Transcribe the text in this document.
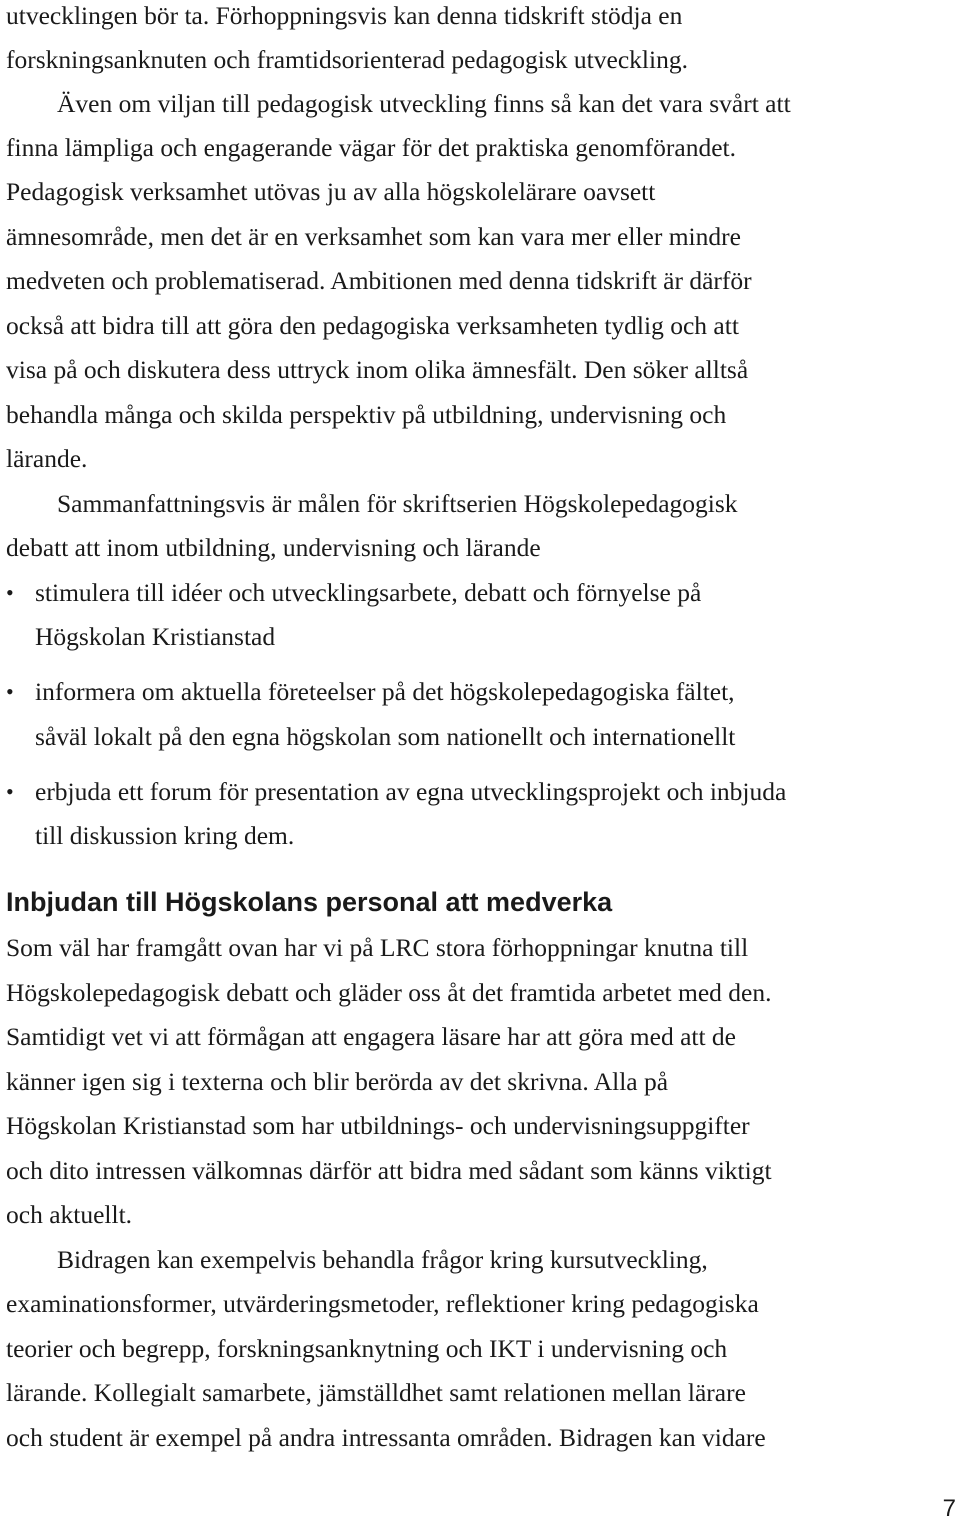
utvecklingen bör ta. Förhoppningsvis kan denna tidskrift stödja en
forskningsanknuten och framtidsorienterad pedagogisk utveckling.
Även om viljan till pedagogisk utveckling finns så kan det vara svårt att
finna lämpliga och engagerande vägar för det praktiska genomförandet.
Pedagogisk verksamhet utövas ju av alla högskolelärare oavsett
ämnesområde, men det är en verksamhet som kan vara mer eller mindre
medveten och problematiserad. Ambitionen med denna tidskrift är därför
också att bidra till att göra den pedagogiska verksamheten tydlig och att
visa på och diskutera dess uttryck inom olika ämnesfält. Den söker alltså
behandla många och skilda perspektiv på utbildning, undervisning och
lärande.
Sammanfattningsvis är målen för skriftserien Högskolepedagogisk
debatt att inom utbildning, undervisning och lärande
• stimulera till idéer och utvecklingsarbete, debatt och förnyelse på
Högskolan Kristianstad
• informera om aktuella företeelser på det högskolepedagogiska fältet,
såväl lokalt på den egna högskolan som nationellt och internationellt
• erbjuda ett forum för presentation av egna utvecklingsprojekt och inbjuda
till diskussion kring dem.
Inbjudan till Högskolans personal att medverka
Som väl har framgått ovan har vi på LRC stora förhoppningar knutna till
Högskolepedagogisk debatt och gläder oss åt det framtida arbetet med den.
Samtidigt vet vi att förmågan att engagera läsare har att göra med att de
känner igen sig i texterna och blir berörda av det skrivna. Alla på
Högskolan Kristianstad som har utbildnings- och undervisningsuppgifter
och dito intressen välkomnas därför att bidra med sådant som känns viktigt
och aktuellt.
Bidragen kan exempelvis behandla frågor kring kursutveckling,
examinationsformer, utvärderingsmetoder, reflektioner kring pedagogiska
teorier och begrepp, forskningsanknytning och IKT i undervisning och
lärande. Kollegialt samarbete, jämställdhet samt relationen mellan lärare
och student är exempel på andra intressanta områden. Bidragen kan vidare
7
